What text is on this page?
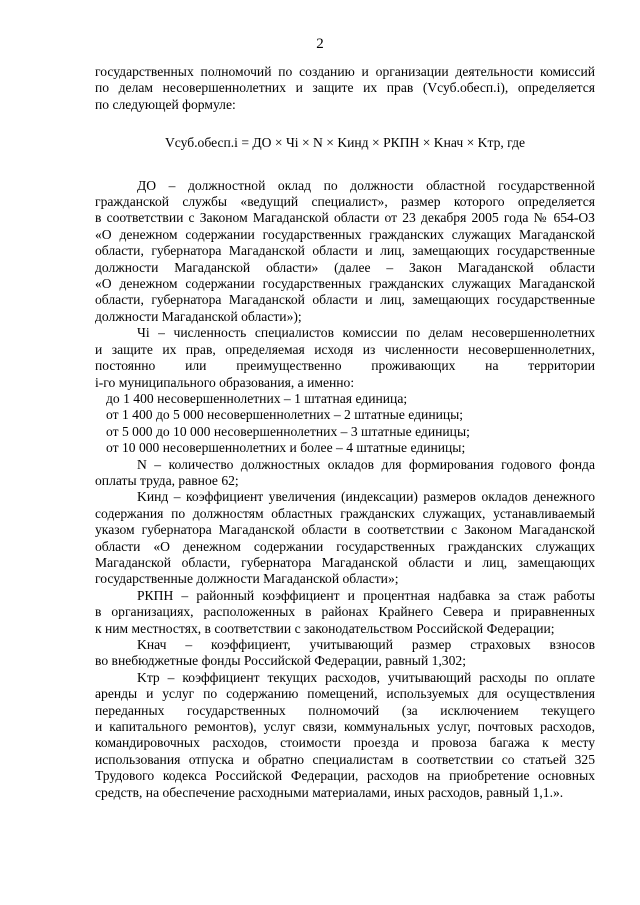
2

государственных полномочий по созданию и организации деятельности комиссий

по делам несовершеннолетних и защите их прав (Vсуб.обесп.i), определяется

по следующей формуле:

Vсуб.обесп.i = ДО × Чi × N × Kинд × РКПН × Kнач × Kтр, где

ДО – должностной оклад по должности областной государственной

гражданской службы «ведущий специалист», размер которого определяется

в соответствии с Законом Магаданской области от 23 декабря 2005 года № 654-ОЗ

«О денежном содержании государственных гражданских служащих Магаданской

области, губернатора Магаданской области и лиц, замещающих государственные

должности Магаданской области» (далее – Закон Магаданской области

«О денежном содержании государственных гражданских служащих Магаданской

области, губернатора Магаданской области и лиц, замещающих государственные

должности Магаданской области»);

Чi – численность специалистов комиссии по делам несовершеннолетних

и защите их прав, определяемая исходя из численности несовершеннолетних,

постоянно или преимущественно проживающих на территории

i-го муниципального образования, а именно:

до 1 400 несовершеннолетних – 1 штатная единица;

от 1 400 до 5 000 несовершеннолетних – 2 штатные единицы;

от 5 000 до 10 000 несовершеннолетних – 3 штатные единицы;

от 10 000 несовершеннолетних и более – 4 штатные единицы;

N – количество должностных окладов для формирования годового фонда

оплаты труда, равное 62;

Kинд – коэффициент увеличения (индексации) размеров окладов денежного

содержания по должностям областных гражданских служащих, устанавливаемый

указом губернатора Магаданской области в соответствии с Законом Магаданской

области «О денежном содержании государственных гражданских служащих

Магаданской области, губернатора Магаданской области и лиц, замещающих

государственные должности Магаданской области»;

РКПН – районный коэффициент и процентная надбавка за стаж работы

в организациях, расположенных в районах Крайнего Севера и приравненных

к ним местностях, в соответствии с законодательством Российской Федерации;

Kнач – коэффициент, учитывающий размер страховых взносов

во внебюджетные фонды Российской Федерации, равный 1,302;

Kтр – коэффициент текущих расходов, учитывающий расходы по оплате

аренды и услуг по содержанию помещений, используемых для осуществления

переданных государственных полномочий (за исключением текущего

и капитального ремонтов), услуг связи, коммунальных услуг, почтовых расходов,

командировочных расходов, стоимости проезда и провоза багажа к месту

использования отпуска и обратно специалистам в соответствии со статьей 325

Трудового кодекса Российской Федерации, расходов на приобретение основных

средств, на обеспечение расходными материалами, иных расходов, равный 1,1.».
